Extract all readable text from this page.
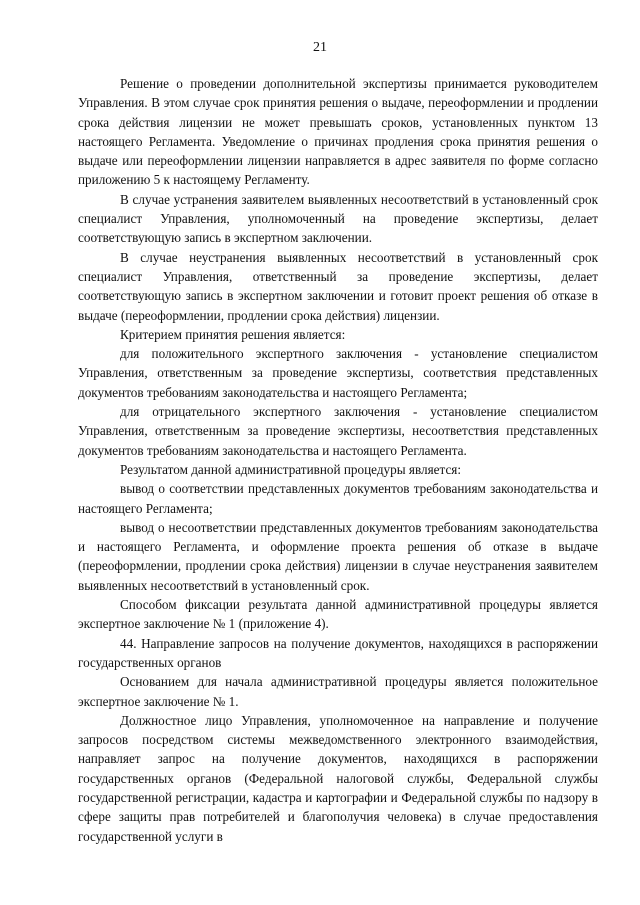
21

Решение о проведении дополнительной экспертизы принимается руководителем Управления. В этом случае срок принятия решения о выдаче, переоформлении и продлении срока действия лицензии не может превышать сроков, установленных пунктом 13 настоящего Регламента. Уведомление о причинах продления срока принятия решения о выдаче или переоформлении лицензии направляется в адрес заявителя по форме согласно приложению 5 к настоящему Регламенту.

В случае устранения заявителем выявленных несоответствий в установленный срок специалист Управления, уполномоченный на проведение экспертизы, делает соответствующую запись в экспертном заключении.

В случае неустранения выявленных несоответствий в установленный срок специалист Управления, ответственный за проведение экспертизы, делает соответствующую запись в экспертном заключении и готовит проект решения об отказе в выдаче (переоформлении, продлении срока действия) лицензии.

Критерием принятия решения является:

для положительного экспертного заключения - установление специалистом Управления, ответственным за проведение экспертизы, соответствия представленных документов требованиям законодательства и настоящего Регламента;

для отрицательного экспертного заключения - установление специалистом Управления, ответственным за проведение экспертизы, несоответствия представленных документов требованиям законодательства и настоящего Регламента.

Результатом данной административной процедуры является:

вывод о соответствии представленных документов требованиям законодательства и настоящего Регламента;

вывод о несоответствии представленных документов требованиям законодательства и настоящего Регламента, и оформление проекта решения об отказе в выдаче (переоформлении, продлении срока действия) лицензии в случае неустранения заявителем выявленных несоответствий в установленный срок.

Способом фиксации результата данной административной процедуры является экспертное заключение № 1 (приложение 4).

44. Направление запросов на получение документов, находящихся в распоряжении государственных органов

Основанием для начала административной процедуры является положительное экспертное заключение № 1.

Должностное лицо Управления, уполномоченное на направление и получение запросов посредством системы межведомственного электронного взаимодействия, направляет запрос на получение документов, находящихся в распоряжении государственных органов (Федеральной налоговой службы, Федеральной службы государственной регистрации, кадастра и картографии и Федеральной службы по надзору в сфере защиты прав потребителей и благополучия человека) в случае предоставления государственной услуги в
